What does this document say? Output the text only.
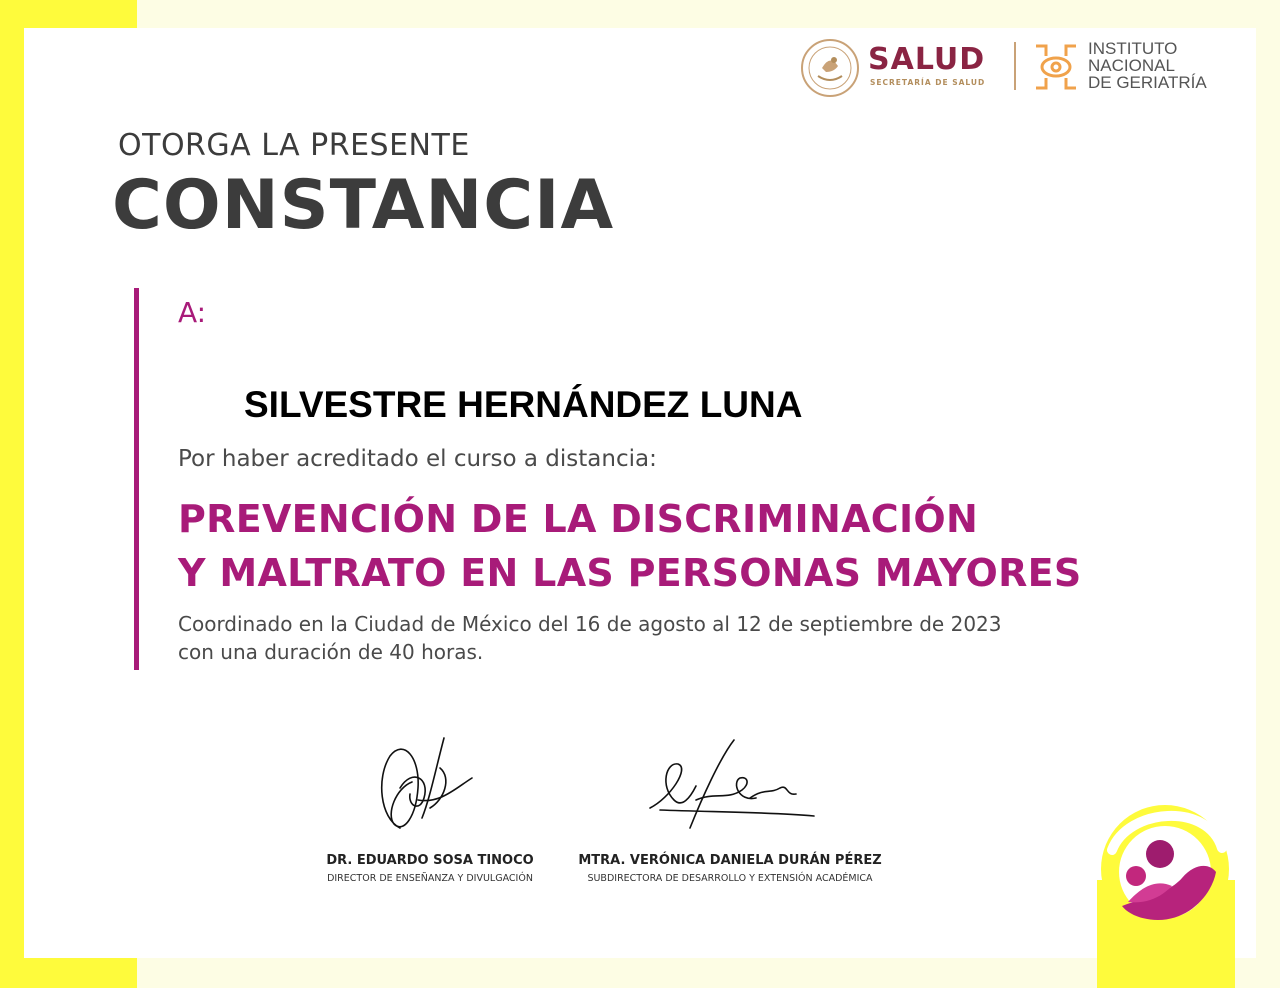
SALUD
SECRETARÍA DE SALUD
INSTITUTO
NACIONAL
DE GERIATRÍA
OTORGA LA PRESENTE
CONSTANCIA
A:
SILVESTRE HERNÁNDEZ LUNA
Por haber acreditado el curso a distancia:
PREVENCIÓN DE LA DISCRIMINACIÓN
Y MALTRATO EN LAS PERSONAS MAYORES
Coordinado en la Ciudad de México del 16 de agosto al 12 de septiembre de 2023
con una duración de 40 horas.
DR. EDUARDO SOSA TINOCO
DIRECTOR DE ENSEÑANZA Y DIVULGACIÓN
MTRA. VERÓNICA DANIELA DURÁN PÉREZ
SUBDIRECTORA DE DESARROLLO Y EXTENSIÓN ACADÉMICA
